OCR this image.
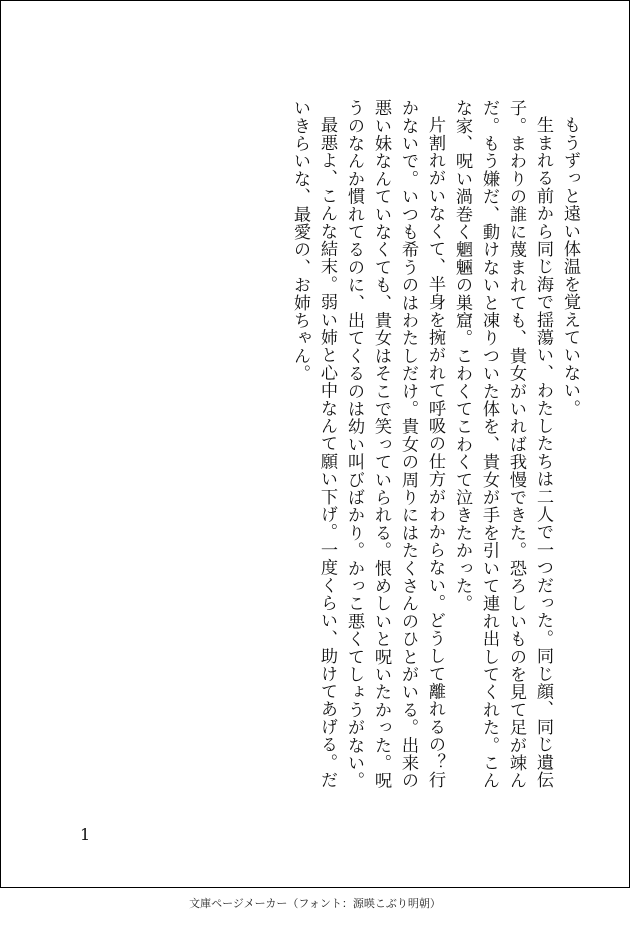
もうずっと遠い体温を覚えていない。

生まれる前から同じ海で揺蕩い、わたしたちは二人で一つだった。同じ顔、同じ遺伝子。まわりの誰に蔑まれても、貴女がいれば我慢できた。恐ろしいものを見て足が竦んだ。もう嫌だ、動けないと凍りついた体を、貴女が手を引いて連れ出してくれた。こんな家、呪い渦巻く魍魎の巣窟。こわくてこわくて泣きたかった。

片割れがいなくて、半身を捥がれて呼吸の仕方がわからない。どうして離れるの？行かないで。いつも希うのはわたしだけ。貴女の周りにはたくさんのひとがいる。出来の悪い妹なんていなくても、貴女はそこで笑っていられる。恨めしいと呪いたかった。呪うのなんか慣れてるのに、出てくるのは幼い叫びばかり。かっこ悪くてしょうがない。

最悪よ、こんな結末。弱い姉と心中なんて願い下げ。一度くらい、助けてあげる。だいきらいな、最愛の、お姉ちゃん。

1
文庫ページメーカー（フォント：源暎こぶり明朝）
